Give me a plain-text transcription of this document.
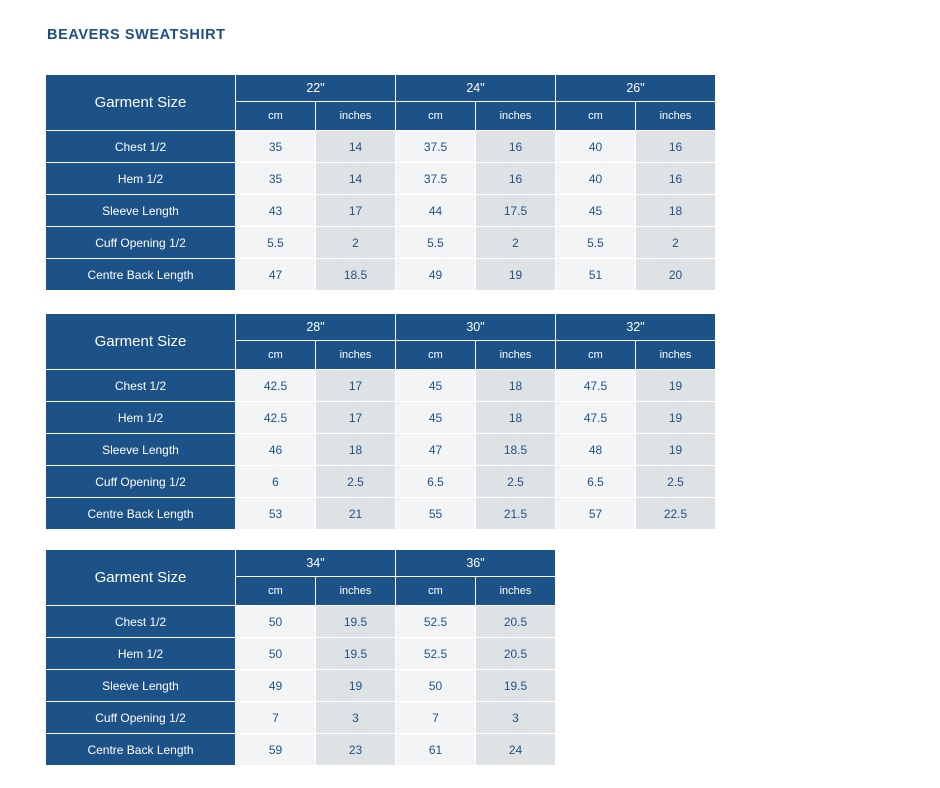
BEAVERS SWEATSHIRT
Garment Size	22"		24"		26"	
	cm	inches	cm	inches	cm	inches
Chest 1/2	35	14	37.5	16	40	16
Hem 1/2	35	14	37.5	16	40	16
Sleeve Length	43	17	44	17.5	45	18
Cuff Opening 1/2	5.5	2	5.5	2	5.5	2
Centre Back Length	47	18.5	49	19	51	20
Garment Size	28"		30"		32"	
	cm	inches	cm	inches	cm	inches
Chest 1/2	42.5	17	45	18	47.5	19
Hem 1/2	42.5	17	45	18	47.5	19
Sleeve Length	46	18	47	18.5	48	19
Cuff Opening 1/2	6	2.5	6.5	2.5	6.5	2.5
Centre Back Length	53	21	55	21.5	57	22.5
Garment Size	34"		36"	
	cm	inches	cm	inches
Chest 1/2	50	19.5	52.5	20.5
Hem 1/2	50	19.5	52.5	20.5
Sleeve Length	49	19	50	19.5
Cuff Opening 1/2	7	3	7	3
Centre Back Length	59	23	61	24
